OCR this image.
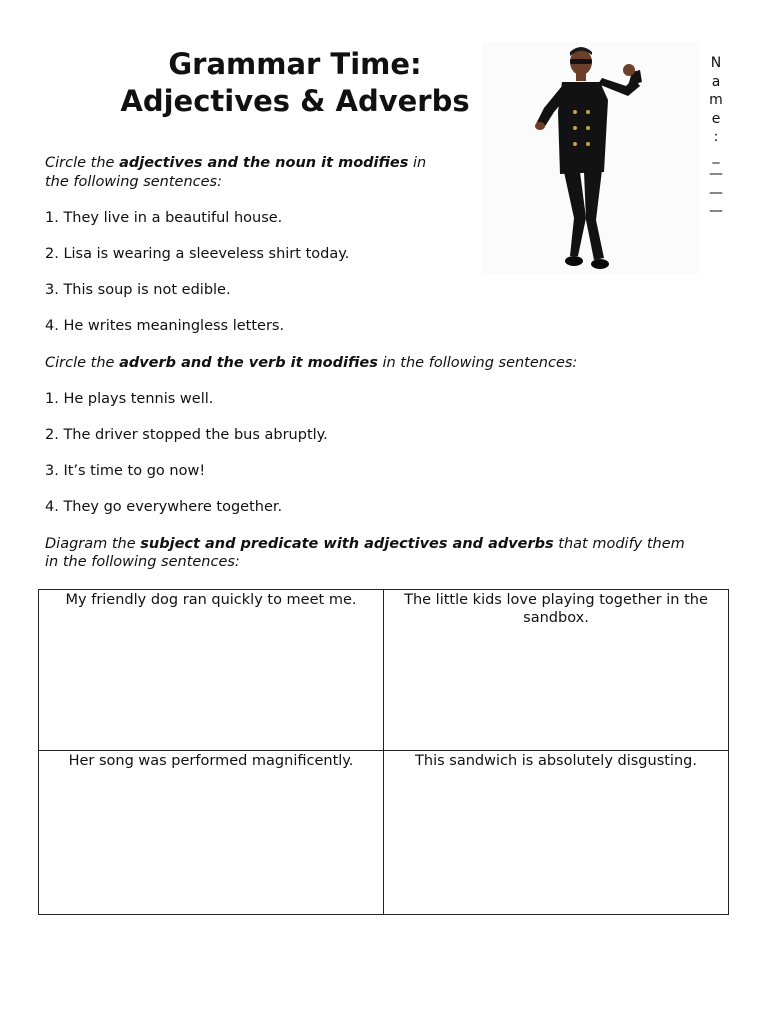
Grammar Time:
Adjectives & Adverbs
N
a
m
e
:
_
—
—
—

Circle the adjectives and the noun it modifies in

the following sentences:

1. They live in a beautiful house.

2. Lisa is wearing a sleeveless shirt today.

3. This soup is not edible.

4. He writes meaningless letters.

Circle the adverb and the verb it modifies in the following sentences:

1. He plays tennis well.

2. The driver stopped the bus abruptly.

3. It’s time to go now!

4. They go everywhere together.

Diagram the subject and predicate with adjectives and adverbs that modify them

in the following sentences:

My friendly dog ran quickly to meet me.	The little kids love playing together in the sandbox.
Her song was performed magnificently.	This sandwich is absolutely disgusting.
